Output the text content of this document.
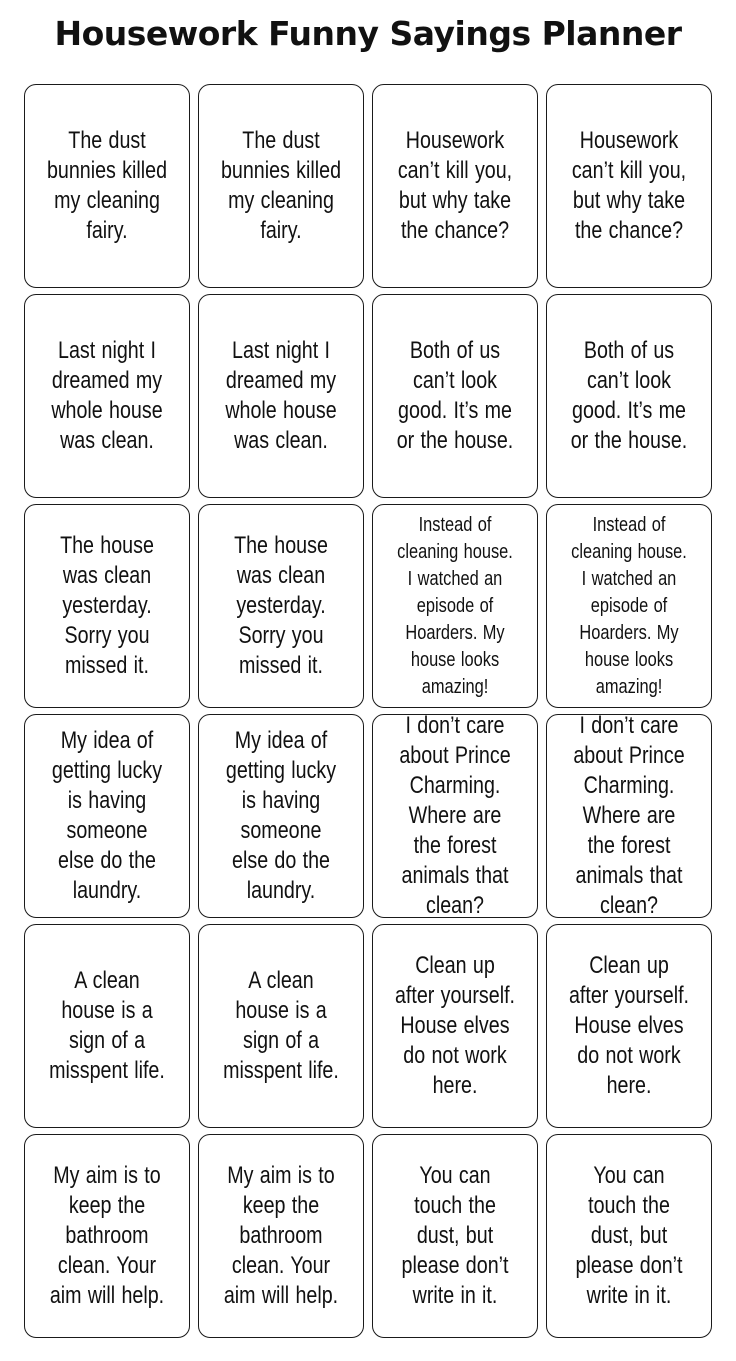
Housework Funny Sayings Planner
The dust bunnies killed my cleaning fairy.
The dust bunnies killed my cleaning fairy.
Housework can’t kill you, but why take the chance?
Housework can’t kill you, but why take the chance?
Last night I dreamed my whole house was clean.
Last night I dreamed my whole house was clean.
Both of us can’t look good. It’s me or the house.
Both of us can’t look good. It’s me or the house.
The house was clean yesterday. Sorry you missed it.
The house was clean yesterday. Sorry you missed it.
Instead of cleaning house. I watched an episode of Hoarders. My house looks amazing!
Instead of cleaning house. I watched an episode of Hoarders. My house looks amazing!
My idea of getting lucky is having someone else do the laundry.
My idea of getting lucky is having someone else do the laundry.
I don’t care about Prince Charming. Where are the forest animals that clean?
I don’t care about Prince Charming. Where are the forest animals that clean?
A clean house is a sign of a misspent life.
A clean house is a sign of a misspent life.
Clean up after yourself. House elves do not work here.
Clean up after yourself. House elves do not work here.
My aim is to keep the bathroom clean. Your aim will help.
My aim is to keep the bathroom clean. Your aim will help.
You can touch the dust, but please don’t write in it.
You can touch the dust, but please don’t write in it.
